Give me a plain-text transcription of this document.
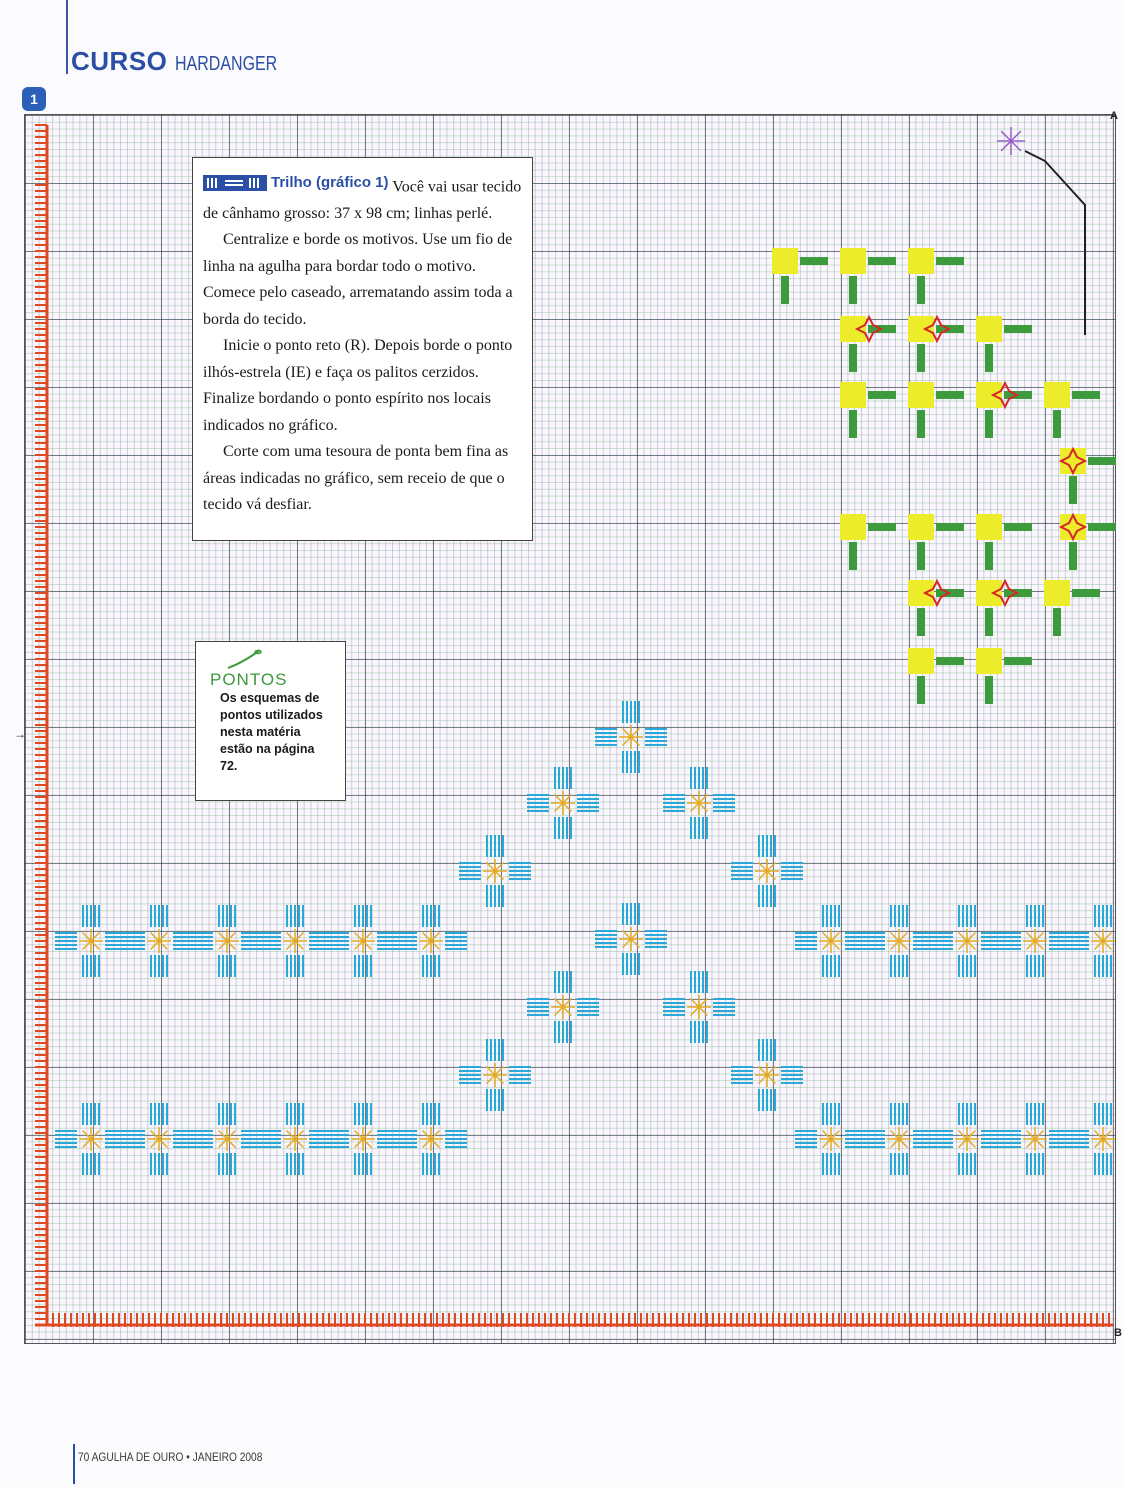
CURSO HARDANGER
1
A
B
→

Trilho (gráfico 1) Você vai usar tecido de cânhamo grosso: 37 x 98 cm; linhas perlé.

Centralize e borde os motivos. Use um fio de linha na agulha para bordar todo o motivo. Comece pelo caseado, arrematando assim toda a borda do tecido.

Inicie o ponto reto (R). Depois borde o ponto ilhós-estrela (IE) e faça os palitos cerzidos. Finalize bordando o ponto espírito nos locais indicados no gráfico.

Corte com uma tesoura de ponta bem fina as áreas indicadas no gráfico, sem receio de que o tecido vá desfiar.

PONTOS
Os esquemas de pontos utilizados nesta matéria estão na página 72.
70 AGULHA DE OURO • JANEIRO 2008
